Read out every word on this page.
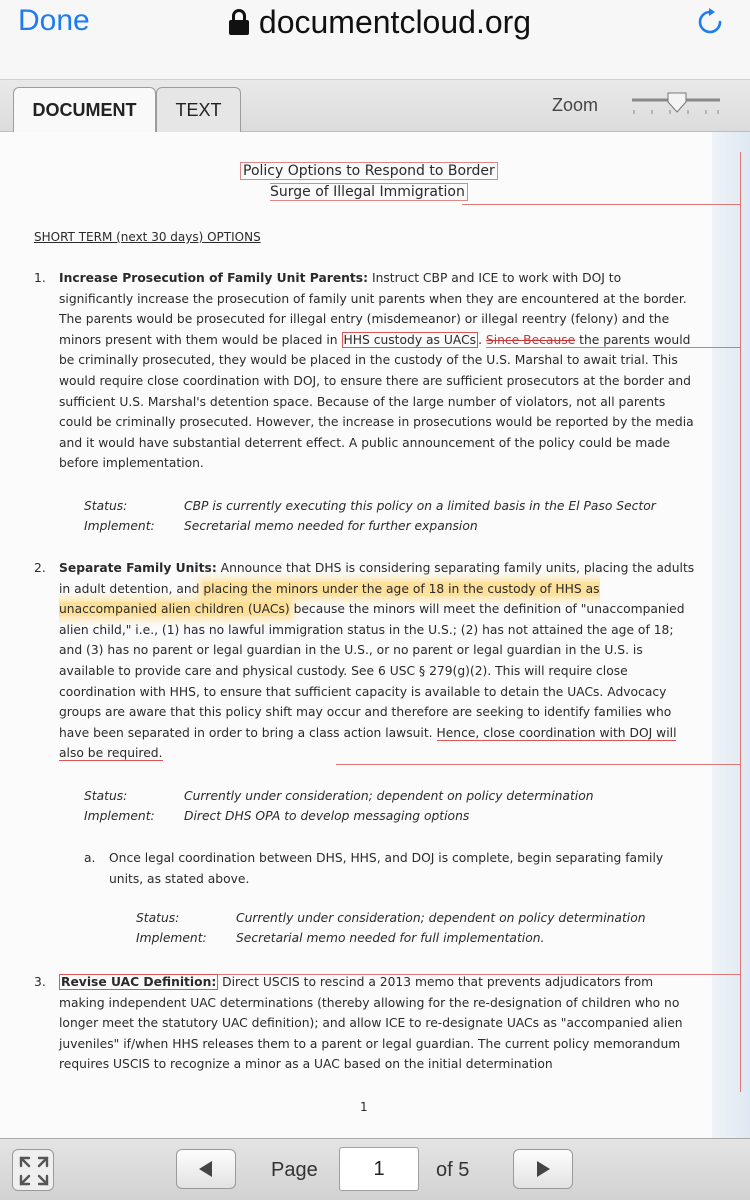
Done	documentcloud.org
DOCUMENT	TEXT	Zoom
Policy Options to Respond to Border
Surge of Illegal Immigration
SHORT TERM (next 30 days) OPTIONS
1. Increase Prosecution of Family Unit Parents: Instruct CBP and ICE to work with DOJ to significantly increase the prosecution of family unit parents when they are encountered at the border. The parents would be prosecuted for illegal entry (misdemeanor) or illegal reentry (felony) and the minors present with them would be placed in HHS custody as UACs . Since Because the parents would be criminally prosecuted, they would be placed in the custody of the U.S. Marshal to await trial. This would require close coordination with DOJ, to ensure there are sufficient prosecutors at the border and sufficient U.S. Marshal's detention space. Because of the large number of violators, not all parents could be criminally prosecuted. However, the increase in prosecutions would be reported by the media and it would have substantial deterrent effect. A public announcement of the policy could be made before implementation.
Status:	CBP is currently executing this policy on a limited basis in the El Paso Sector
Implement: Secretarial memo needed for further expansion
2. Separate Family Units: Announce that DHS is considering separating family units, placing the adults in adult detention, and placing the minors under the age of 18 in the custody of HHS as unaccompanied alien children (UACs) because the minors will meet the definition of "unaccompanied alien child," i.e., (1) has no lawful immigration status in the U.S.; (2) has not attained the age of 18; and (3) has no parent or legal guardian in the U.S., or no parent or legal guardian in the U.S. is available to provide care and physical custody. See 6 USC § 279(g)(2). This will require close coordination with HHS, to ensure that sufficient capacity is available to detain the UACs. Advocacy groups are aware that this policy shift may occur and therefore are seeking to identify families who have been separated in order to bring a class action lawsuit. Hence, close coordination with DOJ will also be required.
Status:	Currently under consideration; dependent on policy determination
Implement: Direct DHS OPA to develop messaging options
a. Once legal coordination between DHS, HHS, and DOJ is complete, begin separating family units, as stated above.
Status:	Currently under consideration; dependent on policy determination
Implement: Secretarial memo needed for full implementation.
3. Revise UAC Definition: Direct USCIS to rescind a 2013 memo that prevents adjudicators from making independent UAC determinations (thereby allowing for the re-designation of children who no longer meet the statutory UAC definition); and allow ICE to re-designate UACs as "accompanied alien juveniles" if/when HHS releases them to a parent or legal guardian. The current policy memorandum requires USCIS to recognize a minor as a UAC based on the initial determination
1
Page	1	of 5
